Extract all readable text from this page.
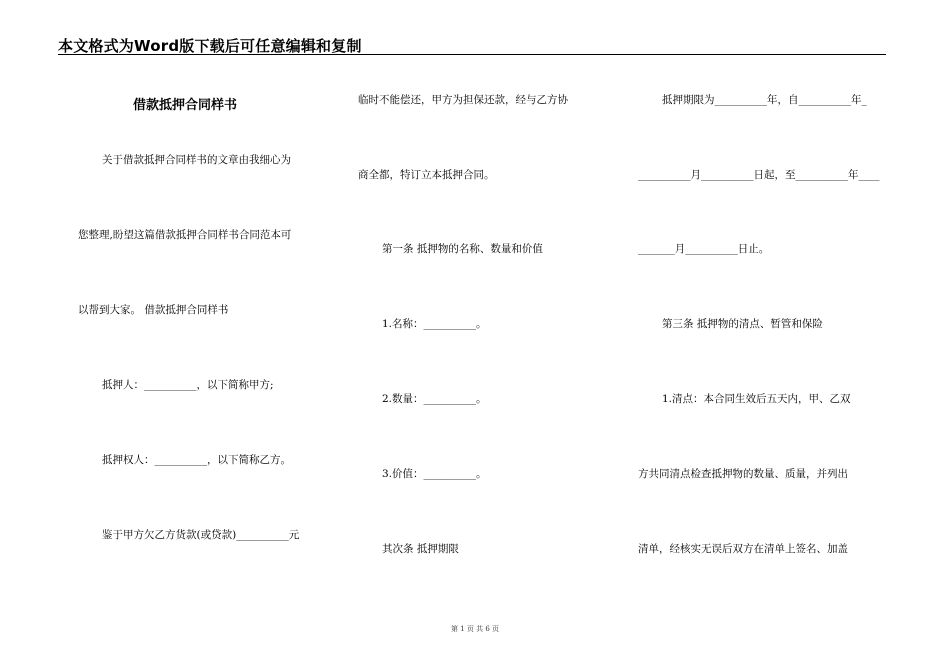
本文格式为Word版下载后可任意编辑和复制
借款抵押合同样书
关于借款抵押合同样书的文章由我细心为
您整理,盼望这篇借款抵押合同样书合同范本可
以帮到大家。 借款抵押合同样书
抵押人：__________，以下简称甲方;
抵押权人：__________，以下简称乙方。
鉴于甲方欠乙方货款(或贷款)__________元
临时不能偿还，甲方为担保还款，经与乙方协
商全都，特订立本抵押合同。
第一条 抵押物的名称、数量和价值
1.名称：__________。
2.数量：__________。
3.价值：__________。
其次条 抵押期限
抵押期限为__________年，自__________年_
__________月__________日起，至__________年____
_______月__________日止。
第三条 抵押物的清点、暂管和保险
1.清点：本合同生效后五天内，甲、乙双
方共同清点检查抵押物的数量、质量，并列出
清单，经核实无误后双方在清单上签名、加盖
第 1 页 共 6 页
